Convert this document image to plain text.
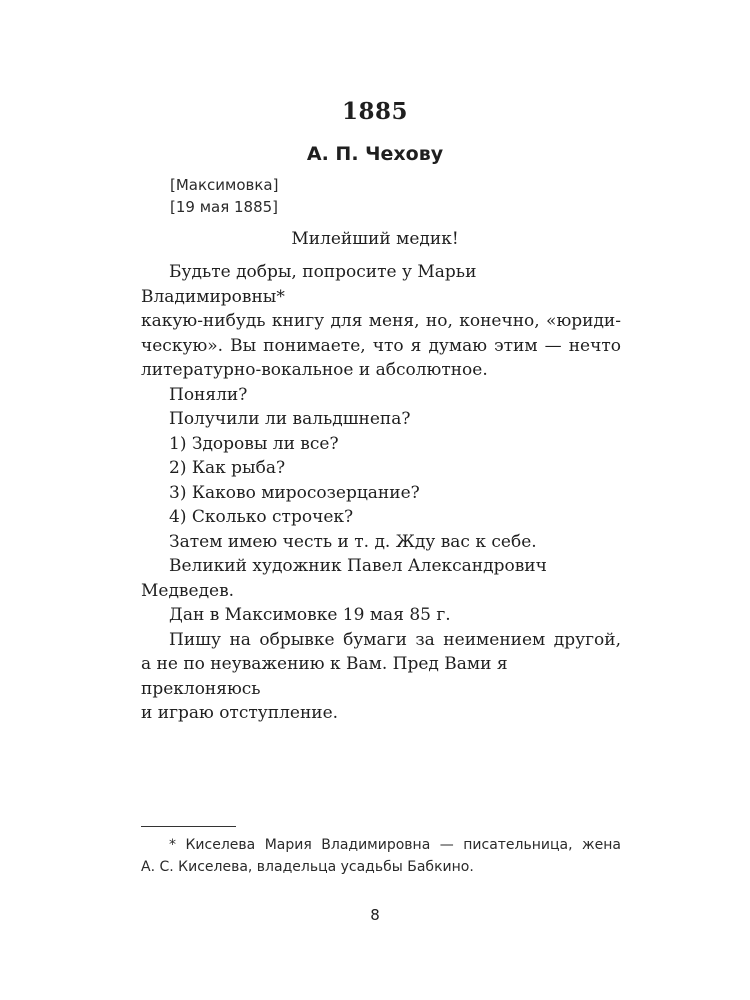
1885
А. П. Чехову
[Максимовка]
[19 мая 1885]
Милейший медик!
Будьте добры, попросите у Марьи Владимировны*
какую-нибудь книгу для меня, но, конечно, «юриди-
ческую». Вы понимаете, что я думаю этим — нечто
литературно-вокальное и абсолютное.
Поняли?
Получили ли вальдшнепа?
1) Здоровы ли все?
2) Как рыба?
3) Каково миросозерцание?
4) Сколько строчек?
Затем имею честь и т. д. Жду вас к себе.
Великий художник Павел Александрович Медведев.
Дан в Максимовке 19 мая 85 г.
Пишу на обрывке бумаги за неимением другой,
а не по неуважению к Вам. Пред Вами я преклоняюсь
и играю отступление.
* Киселева Мария Владимировна — писательница, жена
А. С. Киселева, владельца усадьбы Бабкино.
8
